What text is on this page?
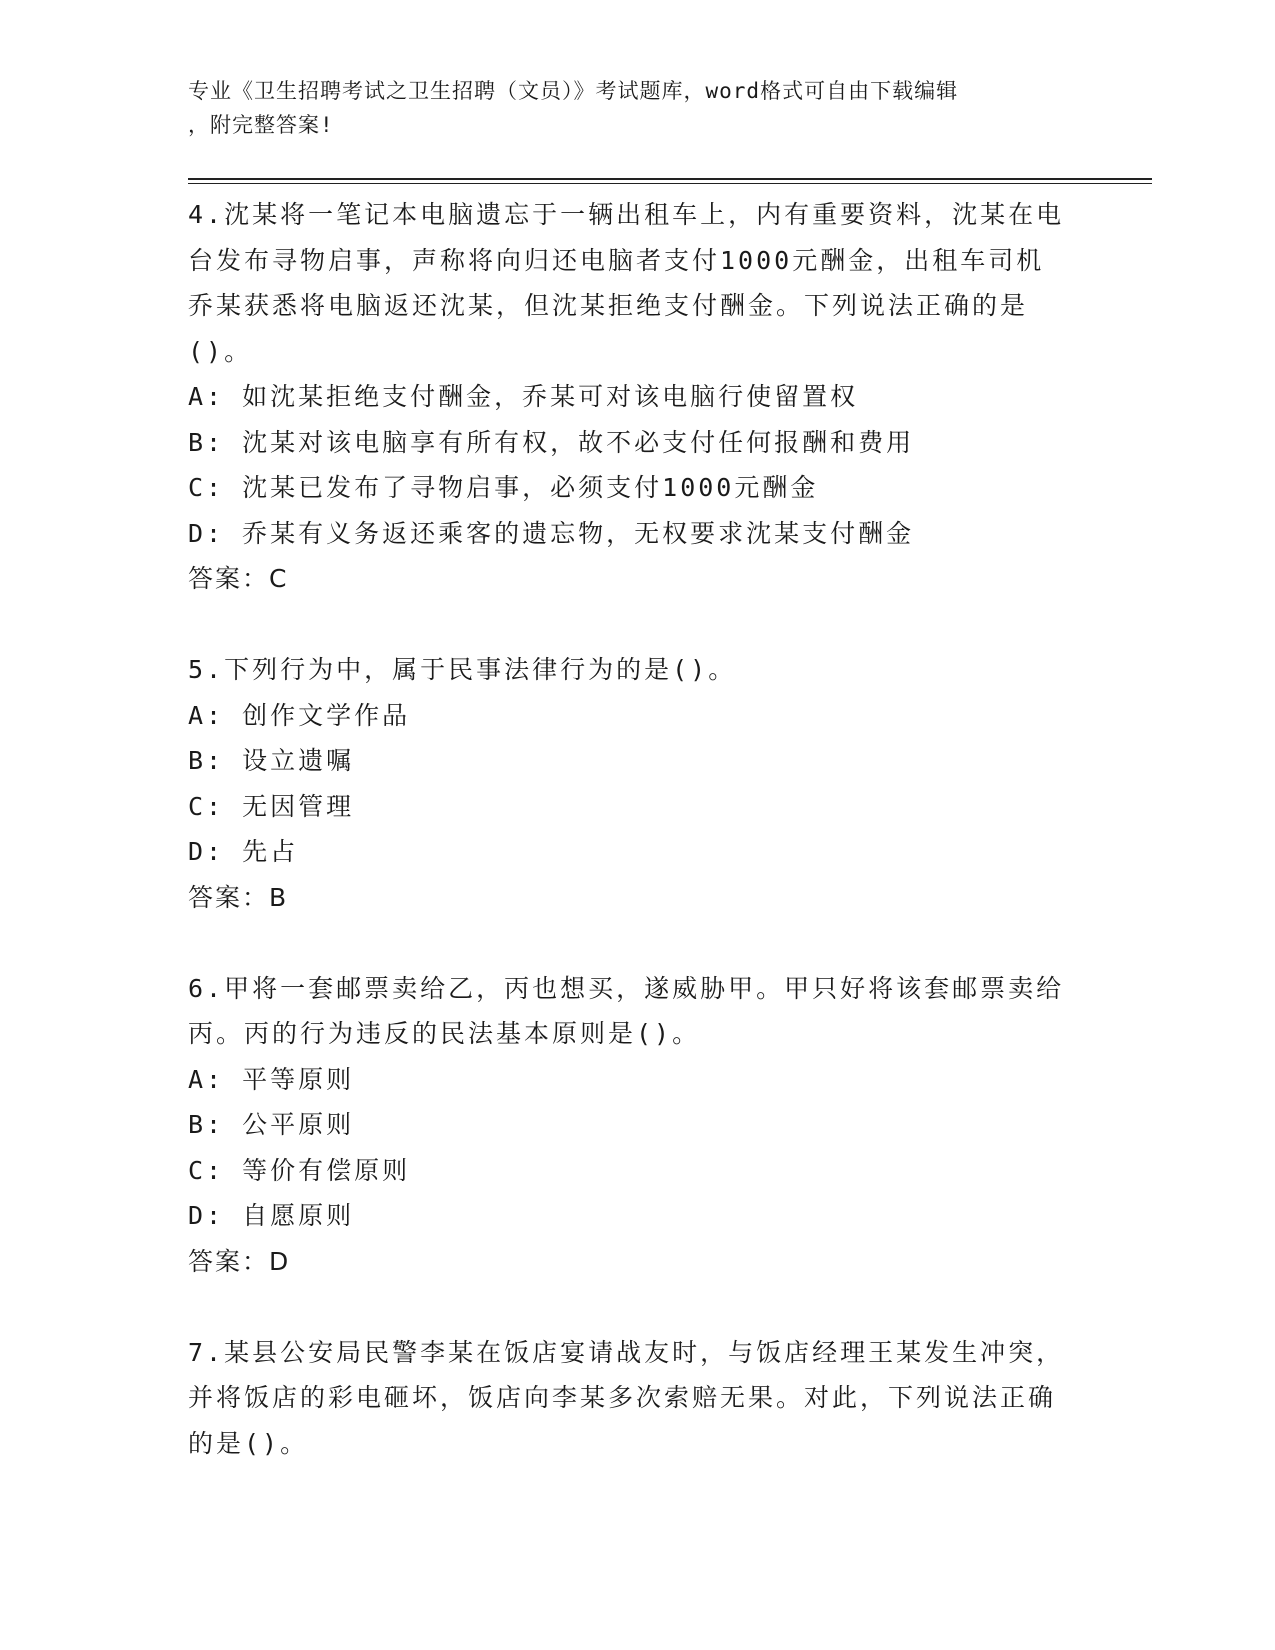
专业《卫生招聘考试之卫生招聘（文员）》考试题库，word格式可自由下载编辑
，附完整答案!

4.沈某将一笔记本电脑遗忘于一辆出租车上，内有重要资料，沈某在电台发布寻物启事，声称将向归还电脑者支付1000元酬金，出租车司机乔某获悉将电脑返还沈某，但沈某拒绝支付酬金。下列说法正确的是()。

A: 如沈某拒绝支付酬金，乔某可对该电脑行使留置权

B: 沈某对该电脑享有所有权，故不必支付任何报酬和费用

C: 沈某已发布了寻物启事，必须支付1000元酬金

D: 乔某有义务返还乘客的遗忘物，无权要求沈某支付酬金

答案：C

5.下列行为中，属于民事法律行为的是()。

A: 创作文学作品

B: 设立遗嘱

C: 无因管理

D: 先占

答案：B

6.甲将一套邮票卖给乙，丙也想买，遂威胁甲。甲只好将该套邮票卖给丙。丙的行为违反的民法基本原则是()。

A: 平等原则

B: 公平原则

C: 等价有偿原则

D: 自愿原则

答案：D

7.某县公安局民警李某在饭店宴请战友时，与饭店经理王某发生冲突，并将饭店的彩电砸坏，饭店向李某多次索赔无果。对此，下列说法正确的是()。
